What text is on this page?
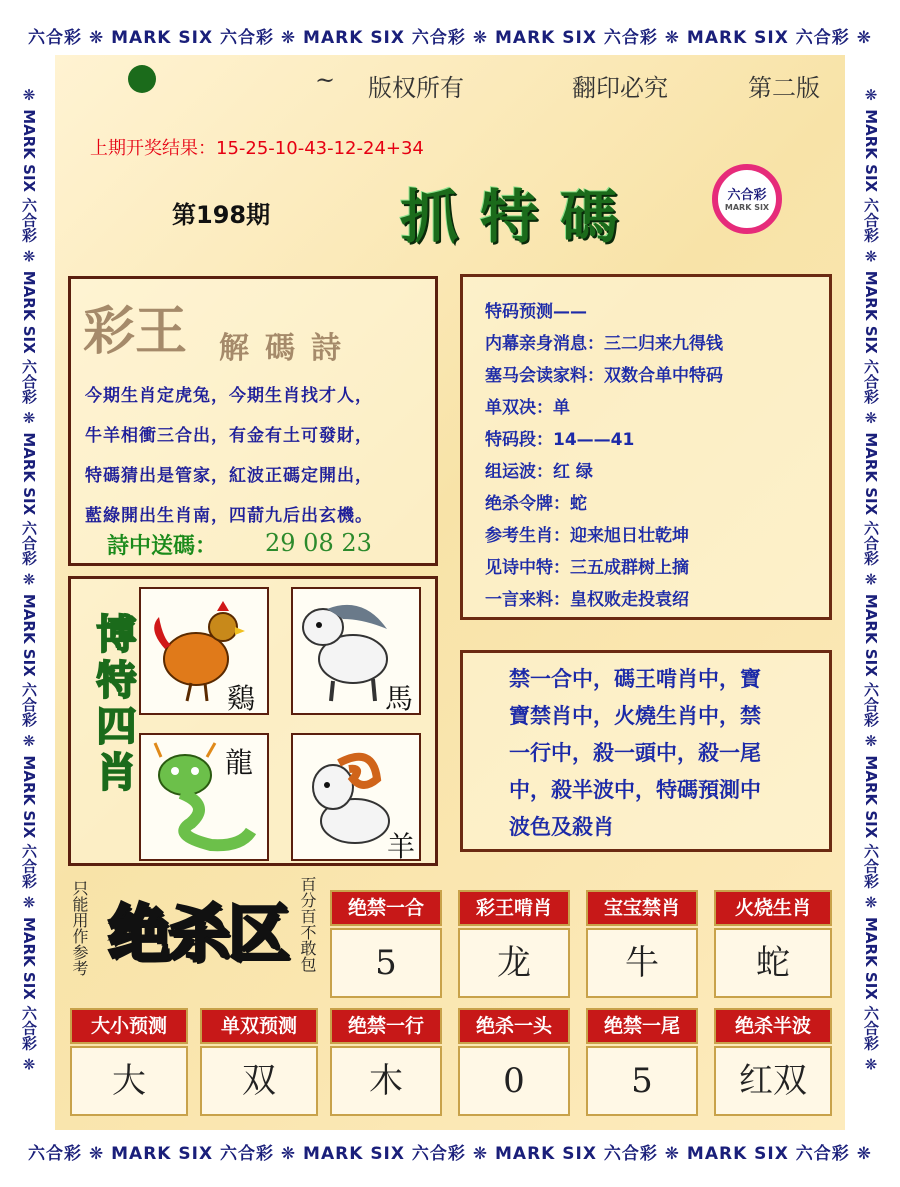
六合彩 ❋ MARK SIX 六合彩 ❋ MARK SIX 六合彩 ❋ MARK SIX 六合彩 ❋ MARK SIX 六合彩 ❋
六合彩 ❋ MARK SIX 六合彩 ❋ MARK SIX 六合彩 ❋ MARK SIX 六合彩 ❋ MARK SIX 六合彩 ❋
❋ MARK SIX 六合彩 ❋ MARK SIX 六合彩 ❋ MARK SIX 六合彩 ❋ MARK SIX 六合彩 ❋ MARK SIX 六合彩 ❋ MARK SIX 六合彩 ❋	❋ MARK SIX 六合彩 ❋ MARK SIX 六合彩 ❋ MARK SIX 六合彩 ❋ MARK SIX 六合彩 ❋ MARK SIX 六合彩 ❋ MARK SIX 六合彩 ❋
~ 版权所有	翻印必究	第二版
上期开奖结果：15-25-10-43-12-24+34
第198期 抓特碼	六合彩
MARK SIX
彩王 解碼詩
今期生肖定虎兔，今期生肖找才人，
牛羊相衝三合出，有金有土可發財，
特碼猜出是管家，紅波正碼定開出，
藍綠開出生肖南，四葥九后出玄機。
詩中送碼： 29 08 23
特码预测——
内幕亲身消息：三二归来九得钱
塞马会读家料：双数合单中特码
单双决：单
特码段：14——41
组运波：红 绿
绝杀令牌：蛇
参考生肖：迎来旭日壮乾坤
见诗中特：三五成群树上摘
一言来料：皇权败走投袁绍
博特四肖	鷄	馬
龍
羊
禁一合中，碼王啃肖中，寶
寶禁肖中，火燒生肖中，禁
一行中，殺一頭中，殺一尾
中，殺半波中，特碼預測中
波色及殺肖
只能用作参考 绝杀区 百分百不敢包	绝禁一合	彩王啃肖	宝宝禁肖	火烧生肖
5	龙	牛	蛇
大小预测	单双预测	绝禁一行	绝杀一头	绝禁一尾	绝杀半波
大	双	木	0	5	红双
